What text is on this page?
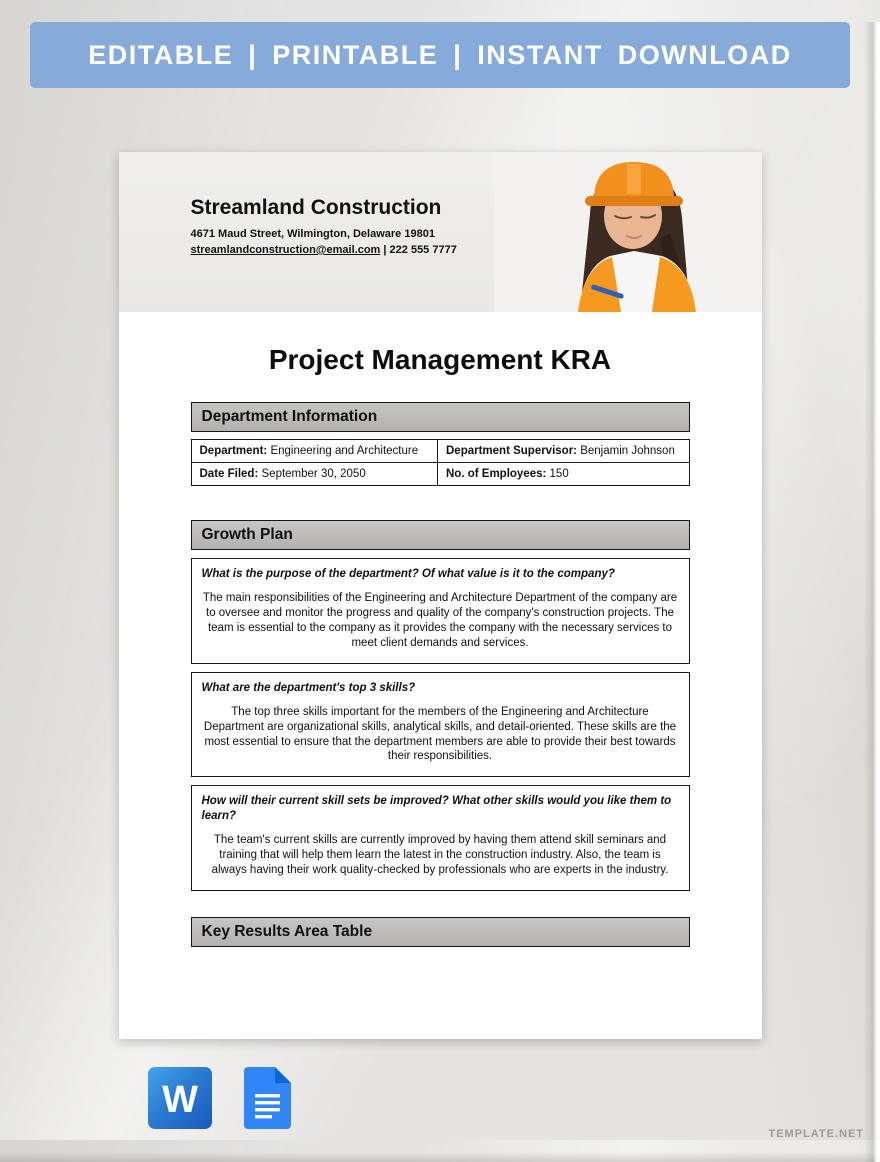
EDITABLE | PRINTABLE | INSTANT DOWNLOAD
Streamland Construction
4671 Maud Street, Wilmington, Delaware 19801
streamlandconstruction@email.com | 222 555 7777
Project Management KRA
Department Information
Department: Engineering and Architecture	Department Supervisor: Benjamin Johnson
Date Filed: September 30, 2050	No. of Employees: 150
Growth Plan
What is the purpose of the department? Of what value is it to the company?
The main responsibilities of the Engineering and Architecture Department of the company are to oversee and monitor the progress and quality of the company's construction projects. The team is essential to the company as it provides the company with the necessary services to meet client demands and services.
What are the department's top 3 skills?
The top three skills important for the members of the Engineering and Architecture Department are organizational skills, analytical skills, and detail-oriented. These skills are the most essential to ensure that the department members are able to provide their best towards their responsibilities.
How will their current skill sets be improved? What other skills would you like them to learn?
The team's current skills are currently improved by having them attend skill seminars and training that will help them learn the latest in the construction industry. Also, the team is always having their work quality-checked by professionals who are experts in the industry.
Key Results Area Table
W
TEMPLATE.NET
